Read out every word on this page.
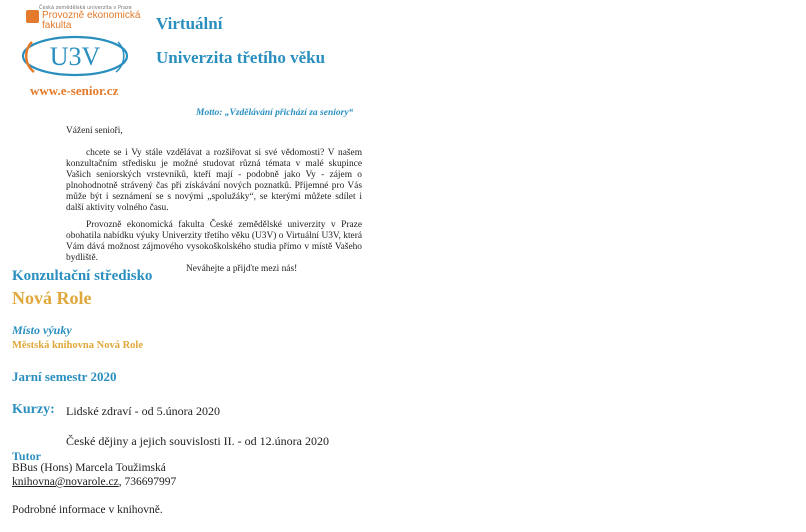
Česká zemědělská univerzita v Praze
Provozně ekonomická
fakulta
U3V
www.e-senior.cz
Virtuální
Univerzita třetího věku
Motto: „Vzdělávání přichází za seniory“

Vážení senioři,

chcete se i Vy stále vzdělávat a rozšiřovat si své vědomosti? V našem konzultačním středisku je možné studovat různá témata v malé skupince Vašich seniorských vrstevníků, kteří mají - podobně jako Vy - zájem o plnohodnotně strávený čas při získávání nových poznatků. Příjemné pro Vás může být i seznámení se s novými „spolužáky“, se kterými můžete sdílet i další aktivity volného času.

Provozně ekonomická fakulta České zemědělské univerzity v Praze obohatila nabídku výuky Univerzity třetího věku (U3V) o Virtuální U3V, která Vám dává možnost zájmového vysokoškolského studia přímo v místě Vašeho bydliště.

Neváhejte a přijďte mezi nás!

Konzultační středisko
Nová Role
Místo výuky
Městská knihovna Nová Role
Jarní semestr 2020
Kurzy: Lidské zdraví - od 5.února 2020
České dějiny a jejich souvislosti II. - od 12.února 2020
Tutor
BBus (Hons) Marcela Toužimská
knihovna@novarole.cz, 736697997
Podrobné informace v knihovně.
